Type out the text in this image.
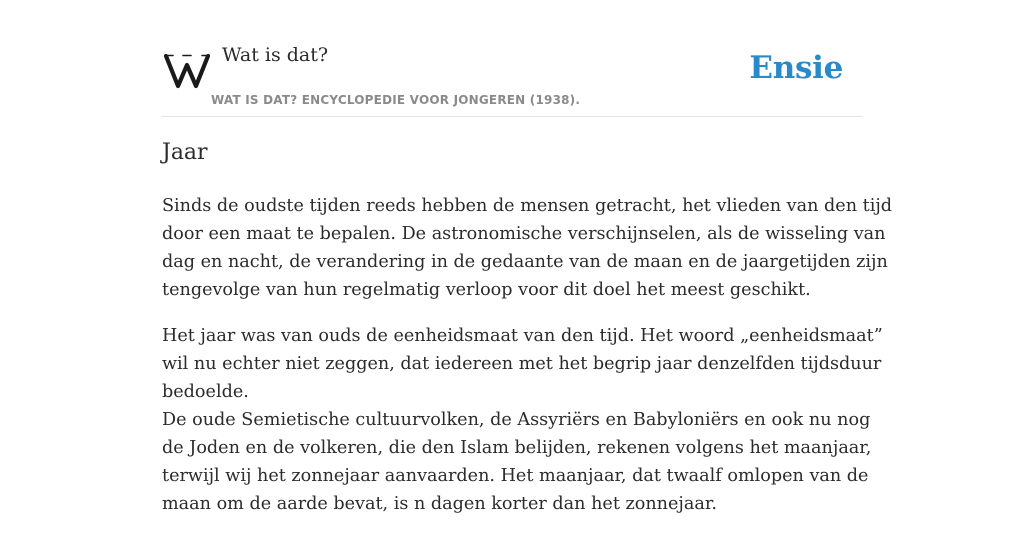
Wat is dat?
WAT IS DAT? ENCYCLOPEDIE VOOR JONGEREN (1938).
Ensie
Jaar

Sinds de oudste tijden reeds hebben de mensen getracht, het vlieden van den tijd
door een maat te bepalen. De astronomische verschijnselen, als de wisseling van
dag en nacht, de verandering in de gedaante van de maan en de jaargetijden zijn
tengevolge van hun regelmatig verloop voor dit doel het meest geschikt.

Het jaar was van ouds de eenheidsmaat van den tijd. Het woord „eenheidsmaat”
wil nu echter niet zeggen, dat iedereen met het begrip jaar denzelfden tijdsduur
bedoelde.
De oude Semietische cultuurvolken, de Assyriërs en Babyloniërs en ook nu nog
de Joden en de volkeren, die den Islam belijden, rekenen volgens het maanjaar,
terwijl wij het zonnejaar aanvaarden. Het maanjaar, dat twaalf omlopen van de
maan om de aarde bevat, is n dagen korter dan het zonnejaar.
